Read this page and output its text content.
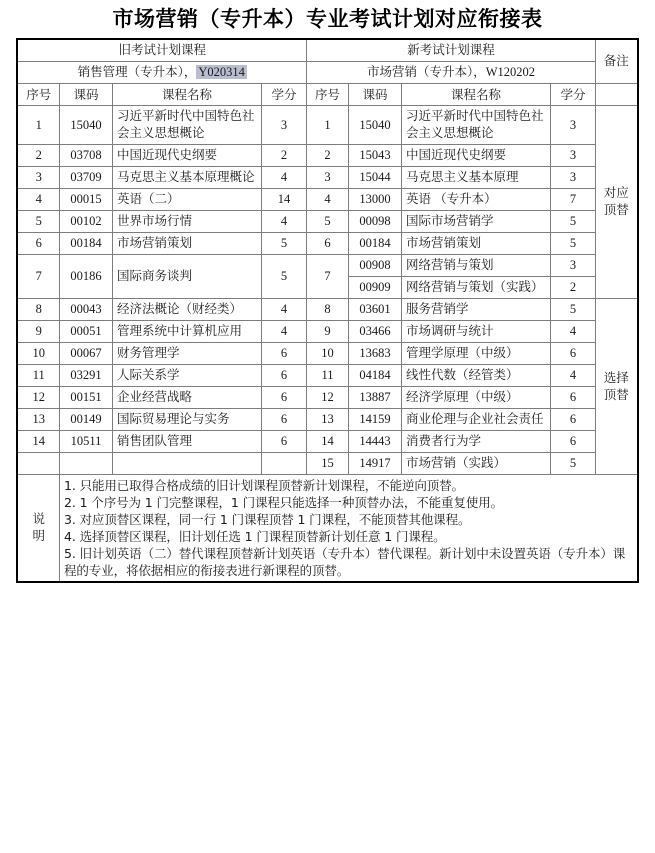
市场营销（专升本）专业考试计划对应衔接表
旧考试计划课程				新考试计划课程				备注
销售管理（专升本）， Y020314				市场营销（专升本），W120202				
序号	课码	课程名称	学分	序号	课码	课程名称	学分	
1	15040	习近平新时代中国特色社会主义思想概论	3	1	15040	习近平新时代中国特色社会主义思想概论	3	对应
顶替
2	03708	中国近现代史纲要	2	2	15043	中国近现代史纲要	3	
3	03709	马克思主义基本原理概论	4	3	15044	马克思主义基本原理	3	
4	00015	英语（二）	14	4	13000	英语 （专升本）	7	
5	00102	世界市场行情	4	5	00098	国际市场营销学	5	
6	00184	市场营销策划	5	6	00184	市场营销策划	5	
7	00186	国际商务谈判	5	7	00908	网络营销与策划	3	
					00909	网络营销与策划（实践）	2	
8	00043	经济法概论（财经类）	4	8	03601	服务营销学	5	选择
顶替
9	00051	管理系统中计算机应用	4	9	03466	市场调研与统计	4	
10	00067	财务管理学	6	10	13683	管理学原理（中级）	6	
11	03291	人际关系学	6	11	04184	线性代数（经管类）	4	
12	00151	企业经营战略	6	12	13887	经济学原理（中级）	6	
13	00149	国际贸易理论与实务	6	13	14159	商业伦理与企业社会责任	6	
14	10511	销售团队管理	6	14	14443	消费者行为学	6	
				15	14917	市场营销（实践）	5	
说
明	
1. 只能用已取得合格成绩的旧计划课程顶替新计划课程，不能逆向顶替。
2. 1 个序号为 1 门完整课程，1 门课程只能选择一种顶替办法，不能重复使用。
3. 对应顶替区课程，同一行 1 门课程顶替 1 门课程，不能顶替其他课程。
4. 选择顶替区课程，旧计划任选 1 门课程顶替新计划任意 1 门课程。
5. 旧计划英语（二）替代课程顶替新计划英语（专升本）替代课程。新计划中未设置英语（专升本）课程的专业，将依据相应的衔接表进行新课程的顶替。
